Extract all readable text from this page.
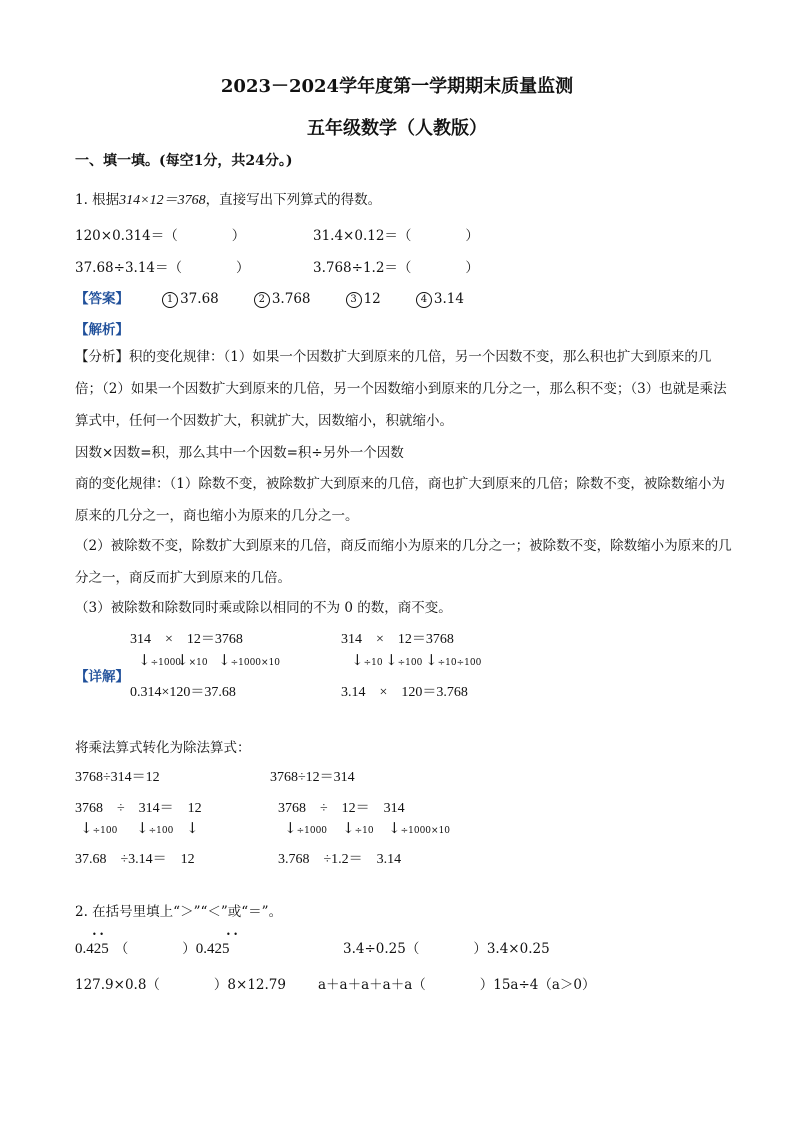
2023－2024学年度第一学期期末质量监测
五年级数学（人教版）
一、填一填。(每空1分，共24分。)
1. 根据314×12＝3768，直接写出下列算式的得数。
120×0.314＝（　　　　）	31.4×0.12＝（　　　　）
37.68÷3.14＝（　　　　）	3.768÷1.2＝（　　　　）
【答案】	1 37.68	2 3.768	3 12	4 3.14
【解析】
【分析】积的变化规律：（1）如果一个因数扩大到原来的几倍，另一个因数不变，那么积也扩大到原来的几倍；（2）如果一个因数扩大到原来的几倍，另一个因数缩小到原来的几分之一，那么积不变；（3）也就是乘法算式中，任何一个因数扩大，积就扩大，因数缩小，积就缩小。
因数×因数=积，那么其中一个因数=积÷另外一个因数
商的变化规律：（1）除数不变，被除数扩大到原来的几倍，商也扩大到原来的几倍；除数不变，被除数缩小为原来的几分之一，商也缩小为原来的几分之一。
（2）被除数不变，除数扩大到原来的几倍，商反而缩小为原来的几分之一；被除数不变，除数缩小为原来的几分之一，商反而扩大到原来的几倍。
（3）被除数和除数同时乘或除以相同的不为 0 的数，商不变。
【详解】
314　×　12＝3768
↓÷1000
↓×10 ↓÷1000×10
0.314×120＝37.68
314　×　12＝3768
↓÷10 ↓÷100 ↓÷10÷100
3.14　×　120＝3.768
将乘法算式转化为除法算式：
3768÷314＝12	3768÷12＝314
3768　÷　314＝　12
↓÷100 ↓÷100 ↓
37.68　÷3.14＝　12
3768　÷　12＝　314
↓÷1000 ↓÷10 ↓÷1000×10
3.768　÷1.2＝　3.14
2. 在括号里填上“＞”“＜”或“＝”。
0.425 （　　　　）0.425
• •	• •
3.4÷0.25（　　　　）3.4×0.25
127.9×0.8（　　　　）8×12.79 a＋a＋a＋a＋a（　　　　）15a÷4（a＞0）
